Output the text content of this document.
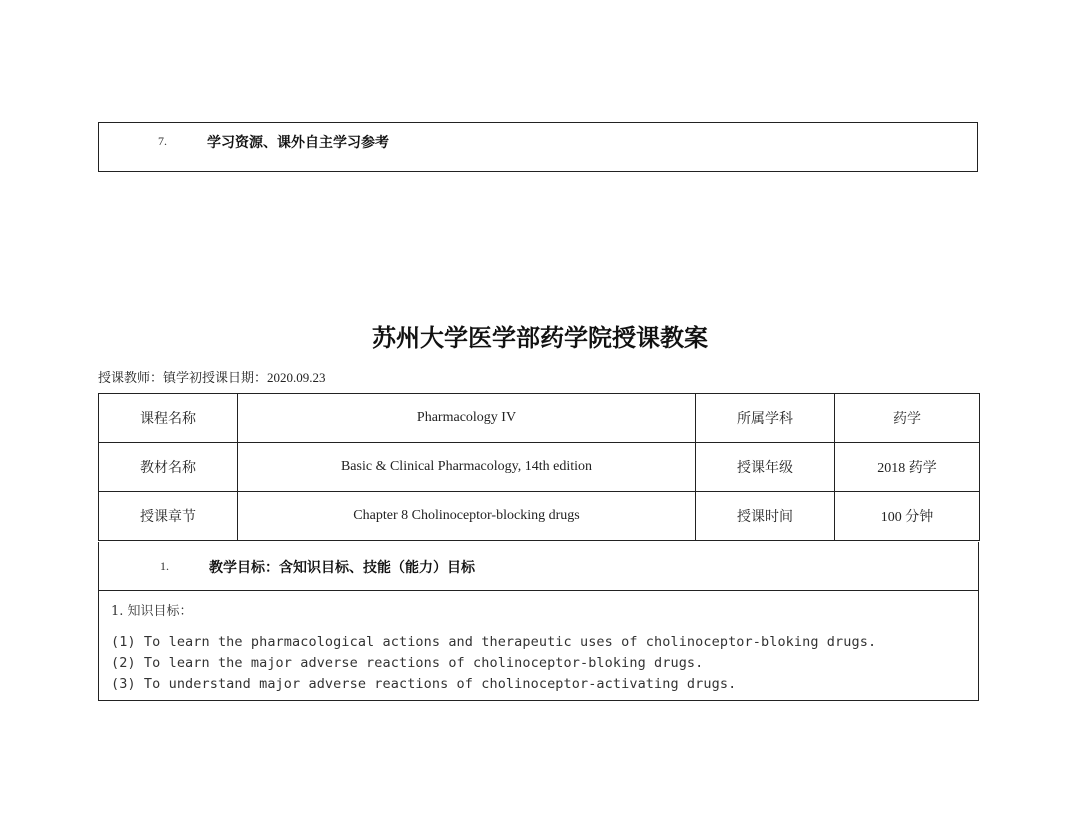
7.	学习资源、课外自主学习参考
苏州大学医学部药学院授课教案
授课教师：镇学初授课日期：2020.09.23
课程名称	Pharmacology IV	所属学科	药学
教材名称	Basic & Clinical Pharmacology, 14th edition	授课年级	2018 药学
授课章节	Chapter 8 Cholinoceptor-blocking drugs	授课时间	100 分钟
1.	教学目标：含知识目标、技能（能力）目标
1. 知识目标：
(1) To learn the pharmacological actions and therapeutic uses of cholinoceptor-bloking drugs.
(2) To learn the major adverse reactions of cholinoceptor-bloking drugs.
(3) To understand major adverse reactions of cholinoceptor-activating drugs.
